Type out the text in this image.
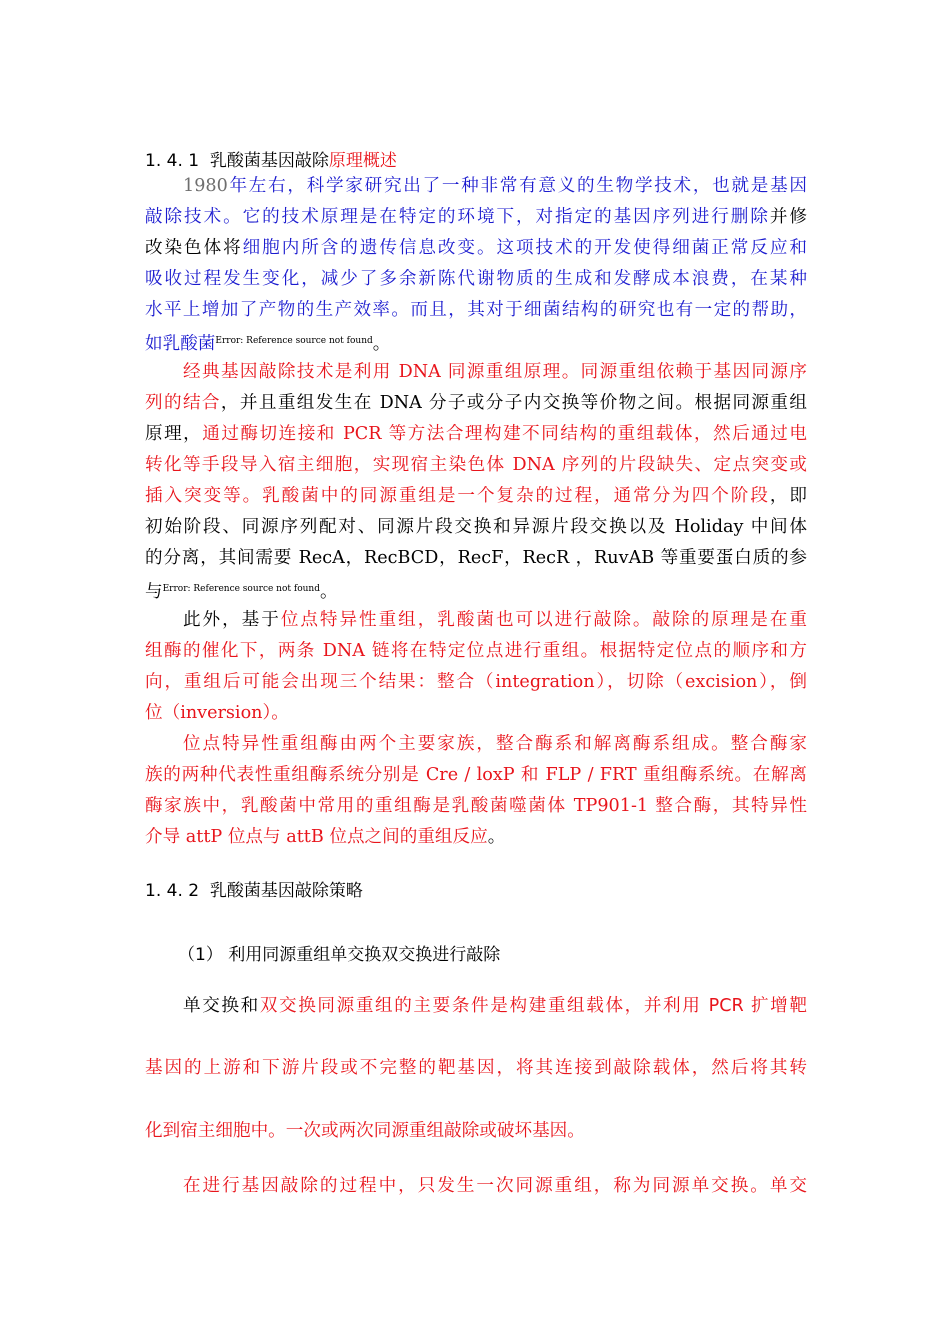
1. 4. 1 乳酸菌基因敲除原理概述
1980年左右，科学家研究出了一种非常有意义的生物学技术，也就是基因
敲除技术。它的技术原理是在特定的环境下，对指定的基因序列进行删除并修
改染色体将细胞内所含的遗传信息改变。这项技术的开发使得细菌正常反应和
吸收过程发生变化，减少了多余新陈代谢物质的生成和发酵成本浪费，在某种
水平上增加了产物的生产效率。而且，其对于细菌结构的研究也有一定的帮助，
如乳酸菌$^{Error: Reference source not found}$。
经典基因敲除技术是利用 DNA 同源重组原理。同源重组依赖于基因同源序
列的结合，并且重组发生在 DNA 分子或分子内交换等价物之间。根据同源重组
原理，通过酶切连接和 PCR 等方法合理构建不同结构的重组载体，然后通过电
转化等手段导入宿主细胞，实现宿主染色体 DNA 序列的片段缺失、定点突变或
插入突变等。乳酸菌中的同源重组是一个复杂的过程，通常分为四个阶段，即
初始阶段、同源序列配对、同源片段交换和异源片段交换以及 Holiday 中间体
的分离，其间需要 RecA，RecBCD，RecF，RecR ，RuvAB 等重要蛋白质的参
与$^{Error: Reference source not found}$。
此外，基于位点特异性重组，乳酸菌也可以进行敲除。敲除的原理是在重
组酶的催化下，两条 DNA 链将在特定位点进行重组。根据特定位点的顺序和方
向，重组后可能会出现三个结果：整合（integration），切除（excision），倒
位（inversion）。
位点特异性重组酶由两个主要家族，整合酶系和解离酶系组成。整合酶家
族的两种代表性重组酶系统分别是 Cre / loxP 和 FLP / FRT 重组酶系统。在解离
酶家族中，乳酸菌中常用的重组酶是乳酸菌噬菌体 TP901-1 整合酶，其特异性
介导 attP 位点与 attB 位点之间的重组反应。
1. 4. 2 乳酸菌基因敲除策略
（1） 利用同源重组单交换双交换进行敲除
单交换和双交换同源重组的主要条件是构建重组载体，并利用 PCR 扩增靶
基因的上游和下游片段或不完整的靶基因，将其连接到敲除载体，然后将其转
化到宿主细胞中。一次或两次同源重组敲除或破坏基因。
在进行基因敲除的过程中，只发生一次同源重组，称为同源单交换。单交
